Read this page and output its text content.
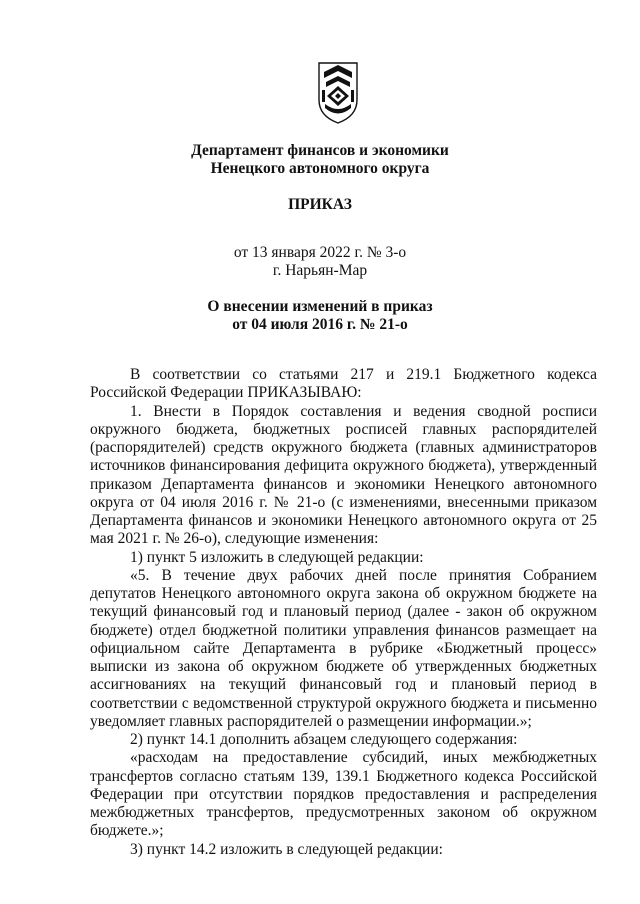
Департамент финансов и экономики
Ненецкого автономного округа
ПРИКАЗ
от 13 января 2022 г. № 3-о
г. Нарьян-Мар
О внесении изменений в приказ
от 04 июля 2016 г. № 21-о

В соответствии со статьями 217 и 219.1 Бюджетного кодекса Российской Федерации ПРИКАЗЫВАЮ:

1. Внести в Порядок составления и ведения сводной росписи окружного бюджета, бюджетных росписей главных распорядителей (распорядителей) средств окружного бюджета (главных администраторов источников финансирования дефицита окружного бюджета), утвержденный приказом Департамента финансов и экономики Ненецкого автономного округа от 04 июля 2016 г. № 21-о (с изменениями, внесенными приказом Департамента финансов и экономики Ненецкого автономного округа от 25 мая 2021 г. № 26-о), следующие изменения:

1) пункт 5 изложить в следующей редакции:

«5. В течение двух рабочих дней после принятия Собранием депутатов Ненецкого автономного округа закона об окружном бюджете на текущий финансовый год и плановый период (далее - закон об окружном бюджете) отдел бюджетной политики управления финансов размещает на официальном сайте Департамента в рубрике «Бюджетный процесс» выписки из закона об окружном бюджете об утвержденных бюджетных ассигнованиях на текущий финансовый год и плановый период в соответствии с ведомственной структурой окружного бюджета и письменно уведомляет главных распорядителей о размещении информации.»;

2) пункт 14.1 дополнить абзацем следующего содержания:

«расходам на предоставление субсидий, иных межбюджетных трансфертов согласно статьям 139, 139.1 Бюджетного кодекса Российской Федерации при отсутствии порядков предоставления и распределения межбюджетных трансфертов, предусмотренных законом об окружном бюджете.»;

3) пункт 14.2 изложить в следующей редакции:
